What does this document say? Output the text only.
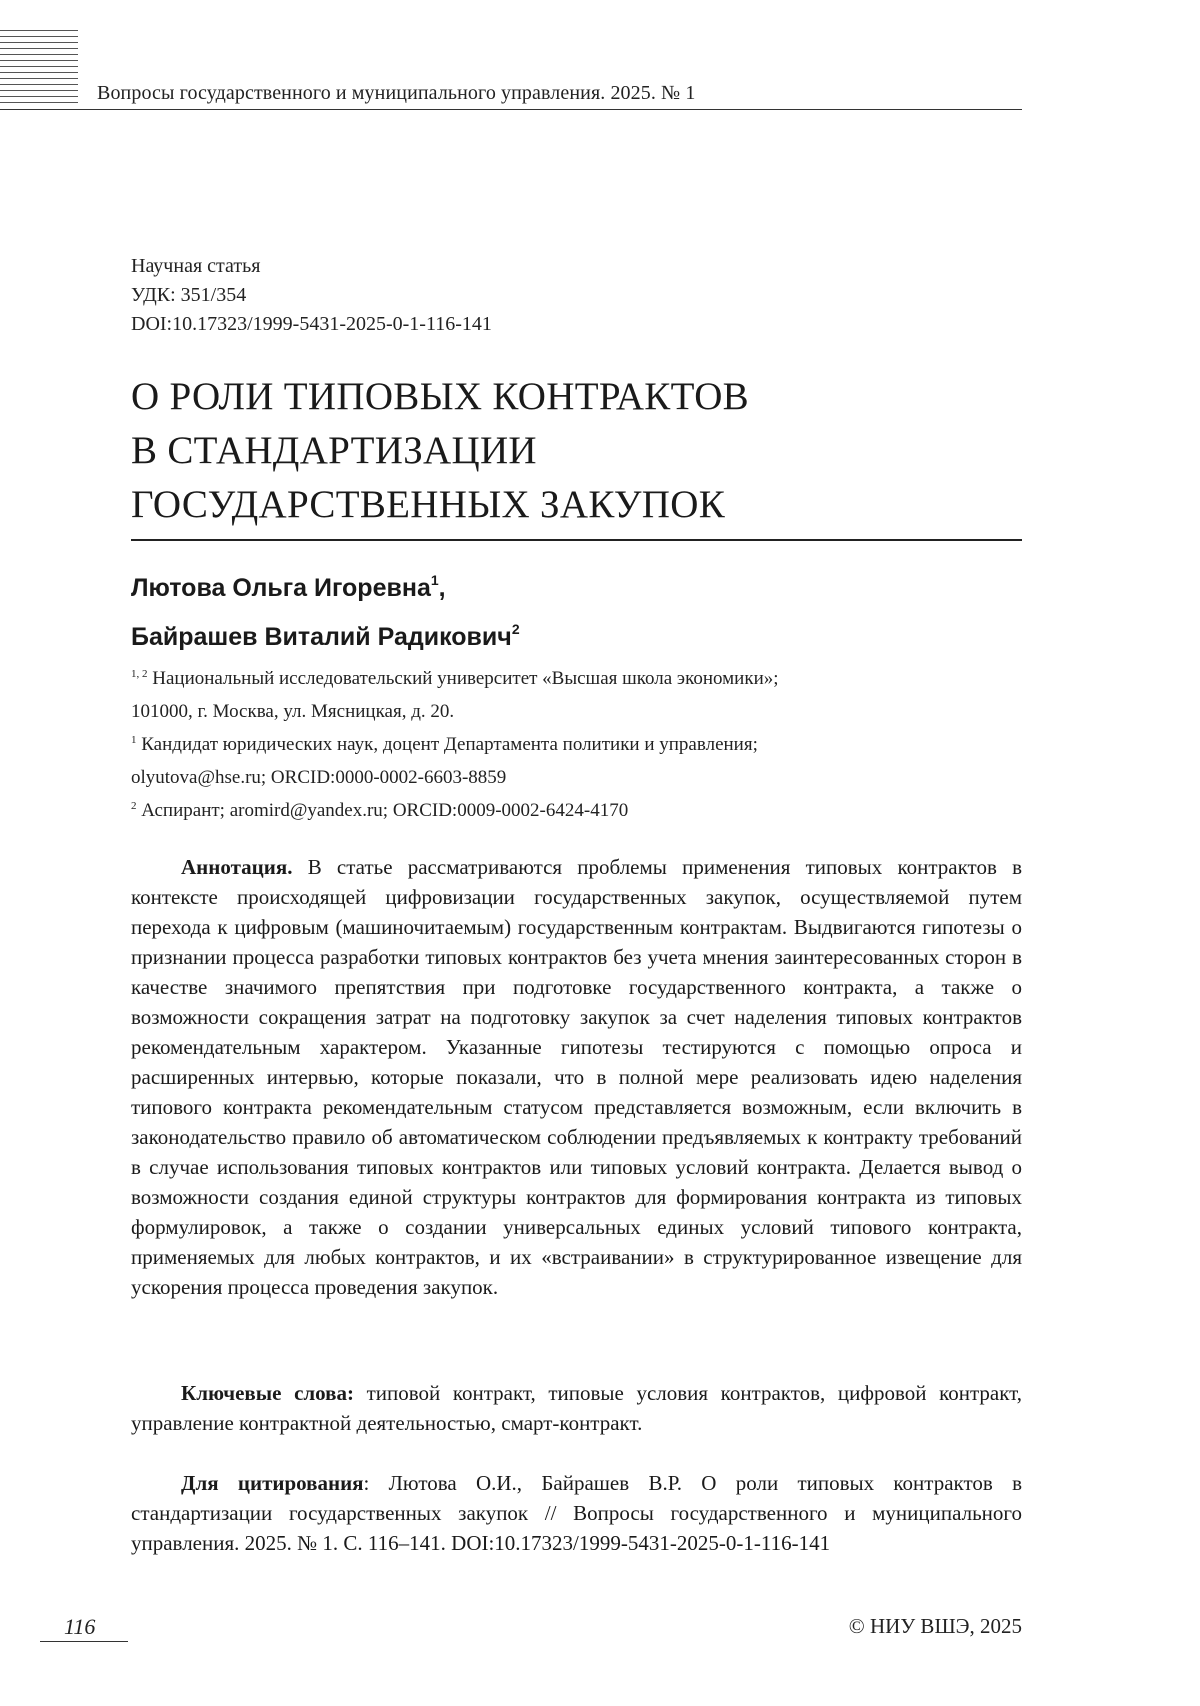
Вопросы государственного и муниципального управления. 2025. № 1
Научная статья
УДК: 351/354
DOI:10.17323/1999-5431-2025-0-1-116-141
О РОЛИ ТИПОВЫХ КОНТРАКТОВ
В СТАНДАРТИЗАЦИИ
ГОСУДАРСТВЕННЫХ ЗАКУПОК
Лютова Ольга Игоревна$^1$,
Байрашев Виталий Радикович$^2$
$^{1, 2}$ Национальный исследовательский университет «Высшая школа экономики»;
101000, г. Москва, ул. Мясницкая, д. 20.
$^1$ Кандидат юридических наук, доцент Департамента политики и управления;
olyutova@hse.ru; ORCID:0000-0002-6603-8859
$^2$ Аспирант; aromird@yandex.ru; ORCID:0009-0002-6424-4170

Аннотация. В статье рассматриваются проблемы применения типовых контрактов в контексте происходящей цифровизации государственных закупок, осуществляемой путем перехода к цифровым (машиночитаемым) государственным контрактам. Выдвигаются гипотезы о признании процесса разработки типовых контрактов без учета мнения заинтересованных сторон в качестве значимого препятствия при подготовке государственного контракта, а также о возможности сокращения затрат на подготовку закупок за счет наделения типовых контрактов рекомендательным характером. Указанные гипотезы тестируются с помощью опроса и расширенных интервью, которые показали, что в полной мере реализовать идею наделения типового контракта рекомендательным статусом представляется возможным, если включить в законодательство правило об автоматическом соблюдении предъявляемых к контракту требований в случае использования типовых контрактов или типовых условий контракта. Делается вывод о возможности создания единой структуры контрактов для формирования контракта из типовых формулировок, а также о создании универсальных единых условий типового контракта, применяемых для любых контрактов, и их «встраивании» в структурированное извещение для ускорения процесса проведения закупок.

Ключевые слова: типовой контракт, типовые условия контрактов, цифровой контракт, управление контрактной деятельностью, смарт-контракт.

Для цитирования: Лютова О.И., Байрашев В.Р. О роли типовых контрактов в стандартизации государственных закупок // Вопросы государственного и муниципального управления. 2025. № 1. С. 116–141. DOI:10.17323/1999-5431-2025-0-1-116-141

116	© НИУ ВШЭ, 2025
